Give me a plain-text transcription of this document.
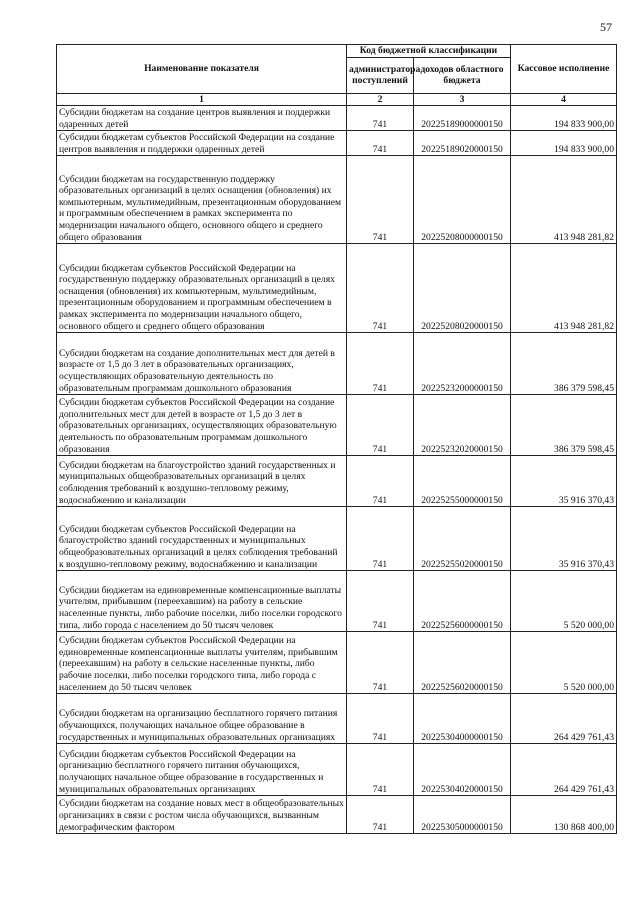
57
Наименование показателя	Код бюджетной классификации		Кассовое исполнение
	администратора поступлений	доходов областного бюджета	
1	2	3	4
Субсидии бюджетам на создание центров выявления и поддержки одаренных детей	741	20225189000000150	194 833 900,00
Субсидии бюджетам субъектов Российской Федерации на создание центров выявления и поддержки одаренных детей	741	20225189020000150	194 833 900,00
Субсидии бюджетам на государственную поддержку образовательных организаций в целях оснащения (обновления) их компьютерным, мультимедийным, презентационным оборудованием и программным обеспечением в рамках эксперимента по модернизации начального общего, основного общего и среднего общего образования	741	20225208000000150	413 948 281,82
Субсидии бюджетам субъектов Российской Федерации на государственную поддержку образовательных организаций в целях оснащения (обновления) их компьютерным, мультимедийным, презентационным оборудованием и программным обеспечением в рамках эксперимента по модернизации начального общего, основного общего и среднего общего образования	741	20225208020000150	413 948 281,82
Субсидии бюджетам на создание дополнительных мест для детей в возрасте от 1,5 до 3 лет в образовательных организациях, осуществляющих образовательную деятельность по образовательным программам дошкольного образования	741	20225232000000150	386 379 598,45
Субсидии бюджетам субъектов Российской Федерации на создание дополнительных мест для детей в возрасте от 1,5 до 3 лет в образовательных организациях, осуществляющих образовательную деятельность по образовательным программам дошкольного образования	741	20225232020000150	386 379 598,45
Субсидии бюджетам на благоустройство зданий государственных и муниципальных общеобразовательных организаций в целях соблюдения требований к воздушно-тепловому режиму, водоснабжению и канализации	741	20225255000000150	35 916 370,43
Субсидии бюджетам субъектов Российской Федерации на благоустройство зданий государственных и муниципальных общеобразовательных организаций в целях соблюдения требований к воздушно-тепловому режиму, водоснабжению и канализации	741	20225255020000150	35 916 370,43
Субсидии бюджетам на единовременные компенсационные выплаты учителям, прибывшим (переехавшим) на работу в сельские населенные пункты, либо рабочие поселки, либо поселки городского типа, либо города с населением до 50 тысяч человек	741	20225256000000150	5 520 000,00
Субсидии бюджетам субъектов Российской Федерации на единовременные компенсационные выплаты учителям, прибывшим (переехавшим) на работу в сельские населенные пункты, либо рабочие поселки, либо поселки городского типа, либо города с населением до 50 тысяч человек	741	20225256020000150	5 520 000,00
Субсидии бюджетам на организацию бесплатного горячего питания обучающихся, получающих начальное общее образование в государственных и муниципальных образовательных организациях	741	20225304000000150	264 429 761,43
Субсидии бюджетам субъектов Российской Федерации на организацию бесплатного горячего питания обучающихся, получающих начальное общее образование в государственных и муниципальных образовательных организациях	741	20225304020000150	264 429 761,43
Субсидии бюджетам на создание новых мест в общеобразовательных организациях в связи с ростом числа обучающихся, вызванным демографическим фактором	741	20225305000000150	130 868 400,00
